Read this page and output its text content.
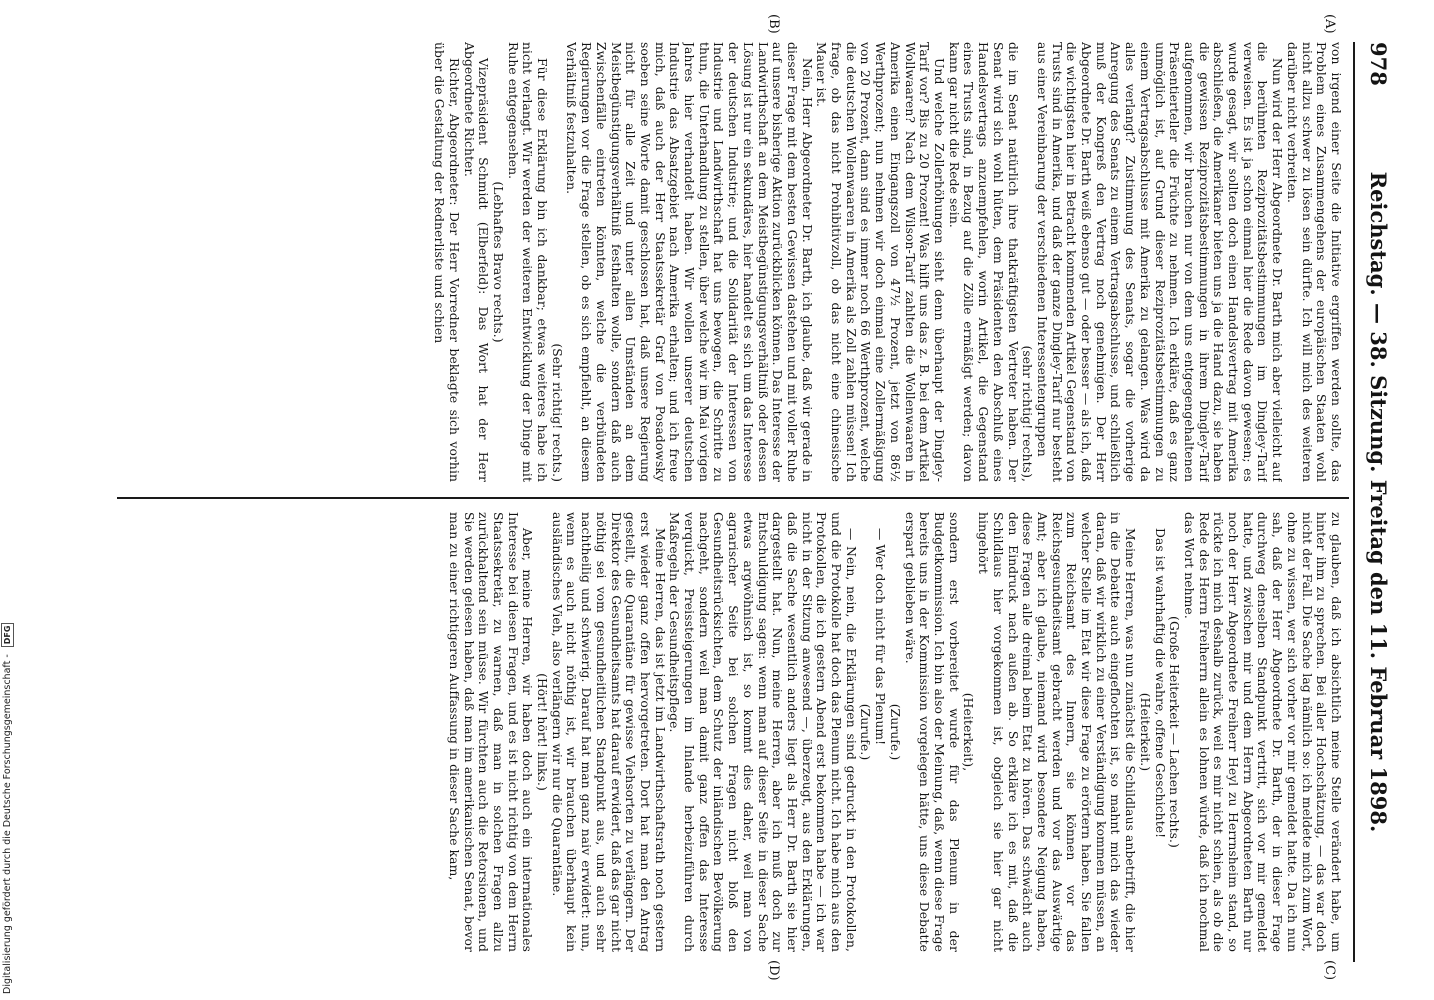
978
Reichstag. — 38. Sitzung. Freitag den 11. Februar 1898.
(A)
(B)
(C)
(D)

von irgend einer Seite die Initiative ergriffen werden sollte, das Problem eines Zusammengehens der europäischen Staaten wohl nicht allzu schwer zu lösen sein dürfte. Ich will mich des weiteren darüber nicht verbreiten.

Nun wird der Herr Abgeordnete Dr. Barth mich aber vielleicht auf die berühmten Reziprozitätsbestimmungen im Dingley-Tarif verweisen. Es ist ja schon einmal hier die Rede davon gewesen; es wurde gesagt, wir sollten doch einen Handelsvertrag mit Amerika abschließen, die Amerikaner bieten uns ja die Hand dazu, sie haben die gewissen Reziprozitätsbestimmungen in ihrem Dingley-Tarif aufgenommen, wir brauchen nur von dem uns entgegengehaltenen Präsentierteller die Früchte zu nehmen. Ich erkläre, daß es ganz unmöglich ist, auf Grund dieser Reziprozitätsbestimmungen zu einem Vertragsabschlusse mit Amerika zu gelangen. Was wird da alles verlangt? Zustimmung des Senats, sogar die vorherige Anregung des Senats zu einem Vertragsabschlusse, und schließlich muß der Kongreß den Vertrag noch genehmigen. Der Herr Abgeordnete Dr. Barth weiß ebenso gut — oder besser — als ich, daß die wichtigsten hier in Betracht kommenden Artikel Gegenstand von Trusts sind in Amerika, und daß der ganze Dingley-Tarif nur besteht aus einer Vereinbarung der verschiedenen Interessentengruppen

(sehr richtig! rechts),

die im Senat natürlich ihre thatkräftigsten Vertreter haben. Der Senat wird sich wohl hüten, dem Präsidenten den Abschluß eines Handelsvertrags anzuempfehlen, worin Artikel, die Gegenstand eines Trusts sind, in Bezug auf die Zölle ermäßigt werden; davon kann gar nicht die Rede sein.

Und welche Zollerhöhungen sieht denn überhaupt der Dingley-Tarif vor? Bis zu 20 Prozent! Was hilft uns das z. B. bei dem Artikel Wollwaaren? Nach dem Wilson-Tarif zahlten die Wollenwaaren in Amerika einen Eingangszoll von 47½ Prozent, jetzt von 86½ Werthprozent; nun nehmen wir doch einmal eine Zollermäßigung von 20 Prozent, dann sind es immer noch 66 Werthprozent, welche die deutschen Wollenwaaren in Amerika als Zoll zahlen müssen! Ich frage, ob das nicht Prohibitivzoll, ob das nicht eine chinesische Mauer ist.

Nein, Herr Abgeordneter Dr. Barth, ich glaube, daß wir gerade in dieser Frage mit dem besten Gewissen dastehen und mit voller Ruhe auf unsere bisherige Aktion zurückblicken können. Das Interesse der Landwirthschaft an dem Meistbegünstigungsverhältniß oder dessen Lösung ist nur ein sekundäres, hier handelt es sich um das Interesse der deutschen Industrie; und die Solidarität der Interessen von Industrie und Landwirthschaft hat uns bewogen, die Schritte zu thun, die Unterhandlung zu stellen, über welche wir im Mai vorigen Jahres hier verhandelt haben. Wir wollen unserer deutschen Industrie das Absatzgebiet nach Amerika erhalten; und ich freue mich, daß auch der Herr Staatssekretär Graf von Posadowsky soeben seine Worte damit geschlossen hat, daß unsere Regierung nicht für alle Zeit und unter allen Umständen an dem Meistbegünstigungsverhältniß festhalten wolle, sondern daß auch Zwischenfälle eintreten könnten, welche die verbündeten Regierungen vor die Frage stellen, ob es sich empfiehlt, an diesem Verhältniß festzuhalten.

(Sehr richtig! rechts.)

Für diese Erklärung bin ich dankbar; etwas weiteres habe ich nicht verlangt. Wir werden der weiteren Entwicklung der Dinge mit Ruhe entgegensehen.

(Lebhaftes Bravo rechts.)

Vizepräsident Schmidt (Elberfeld): Das Wort hat der Herr Abgeordnete Richter.

Richter, Abgeordneter: Der Herr Vorredner beklagte sich vorhin über die Gestaltung der Rednerliste und schien

zu glauben, daß ich absichtlich meine Stelle verändert habe, um hinter ihm zu sprechen. Bei aller Hochschätzung, — das war doch nicht der Fall. Die Sache lag nämlich so: ich meldete mich zum Wort, ohne zu wissen, wer sich vorher vor mir gemeldet hatte. Da ich nun sah, daß der Herr Abgeordnete Dr. Barth, der in dieser Frage durchweg denselben Standpunkt vertritt, sich vor mir gemeldet hatte, und zwischen mir und dem Herrn Abgeordneten Barth nur noch der Herr Abgeordnete Freiherr Heyl zu Herrnsheim stand, so rückte ich mich deshalb zurück, weil es mir nicht schien, als ob die Rede des Herrn Freiherrn allein es lohnen würde, daß ich nochmal das Wort nehme.

(Große Heiterkeit — Lachen rechts.)

Das ist wahrhaftig die wahre, offene Geschichte!

(Heiterkeit.)

Meine Herren, was nun zunächst die Schildlaus anbetrifft, die hier in die Debatte auch eingeflochten ist, so mahnt mich das wieder daran, daß wir wirklich zu einer Verständigung kommen müssen, an welcher Stelle im Etat wir diese Frage zu erörtern haben. Sie fallen zum Reichsamt des Innern, sie können vor das Reichsgesundheitsamt gebracht werden und vor das Auswärtige Amt; aber ich glaube, niemand wird besondere Neigung haben, diese Fragen alle dreimal beim Etat zu hören. Das schwächt auch den Eindruck nach außen ab. So erkläre ich es mit, daß die Schildlaus hier vorgekommen ist, obgleich sie hier gar nicht hingehört

(Heiterkeit),

sondern erst vorbereitet wurde für das Plenum in der Budgetkommission. Ich bin also der Meinung, daß, wenn diese Frage bereits uns in der Kommission vorgelegen hätte, uns diese Debatte erspart geblieben wäre.

(Zurufe.)

— Wer doch nicht für das Plenum!

(Zurufe.)

— Nein, nein, die Erklärungen sind gedruckt in den Protokollen, und die Protokolle hat doch das Plenum nicht. Ich habe mich aus den Protokollen, die ich gestern Abend erst bekommen habe — ich war nicht in der Sitzung anwesend —, überzeugt, aus den Erklärungen, daß die Sache wesentlich anders liegt als Herr Dr. Barth sie hier dargestellt hat. Nun, meine Herren, aber ich muß doch zur Entschuldigung sagen: wenn man auf dieser Seite in dieser Sache etwas argwöhnisch ist, so kommt dies daher, weil man von agrarischer Seite bei solchen Fragen nicht bloß den Gesundheitsrücksichten, dem Schutz der inländischen Bevölkerung nachgeht, sondern weil man damit ganz offen das Interesse verquickt, Preissteigerungen im Inlande herbeizuführen durch Maßregeln der Gesundheitspflege.

Meine Herren, das ist jetzt im Landwirthschaftsrath noch gestern erst wieder ganz offen hervorgetreten. Dort hat man den Antrag gestellt, die Quarantäne für gewisse Viehsorten zu verlängern. Der Direktor des Gesundheitsamts hat darauf erwidert, daß das gar nicht nöthig sei vom gesundheitlichen Standpunkt aus, und auch sehr nachtheilig und schwierig. Darauf hat man ganz naiv erwidert: nun, wenn es auch nicht nöthig ist, wir brauchen überhaupt kein ausländisches Vieh, also verlängern wir nur die Quarantäne.

(Hört! hört! links.)

Aber, meine Herren, wir haben doch auch ein internationales Interesse bei diesen Fragen, und es ist nicht richtig von dem Herrn Staatssekretär, zu warnen, daß man in solchen Fragen allzu zurückhaltend sein müsse. Wir fürchten auch die Retorsionen, und Sie werden gelesen haben, daß man im amerikanischen Senat, bevor man zu einer richtigeren Auffassung in dieser Sache kam,

Digitalisierung gefördert durch die Deutsche Forschungsgemeinschaft - DFG
